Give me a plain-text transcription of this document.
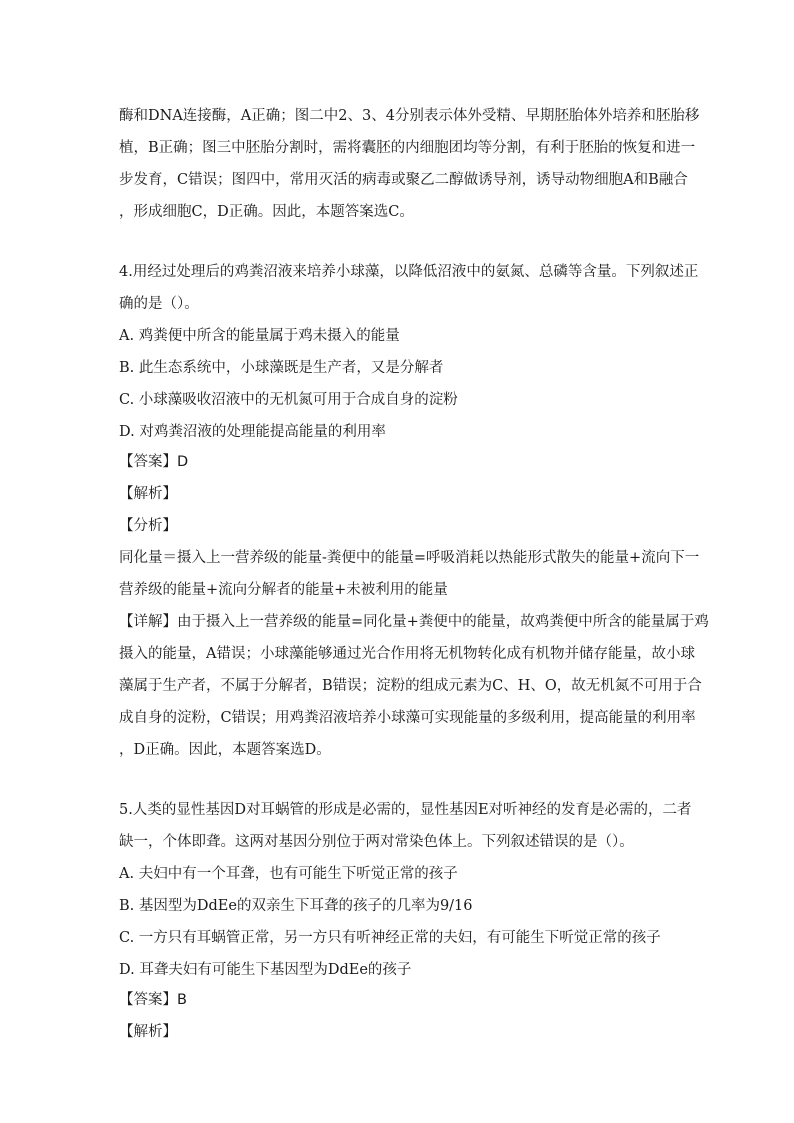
酶和DNA连接酶，A正确；图二中2、3、4分别表示体外受精、早期胚胎体外培养和胚胎移
植，B正确；图三中胚胎分割时，需将囊胚的内细胞团均等分割，有利于胚胎的恢复和进一
步发育，C错误；图四中，常用灭活的病毒或聚乙二醇做诱导剂，诱导动物细胞A和B融合
，形成细胞C，D正确。因此，本题答案选C。
4.用经过处理后的鸡粪沼液来培养小球藻，以降低沼液中的氨氮、总磷等含量。下列叙述正
确的是（）。
A. 鸡粪便中所含的能量属于鸡未摄入的能量
B. 此生态系统中，小球藻既是生产者，又是分解者
C. 小球藻吸收沼液中的无机氮可用于合成自身的淀粉
D. 对鸡粪沼液的处理能提高能量的利用率
【答案】D
【解析】
【分析】
同化量＝摄入上一营养级的能量-粪便中的能量=呼吸消耗以热能形式散失的能量+流向下一
营养级的能量+流向分解者的能量+未被利用的能量
【详解】由于摄入上一营养级的能量=同化量+粪便中的能量，故鸡粪便中所含的能量属于鸡
摄入的能量，A错误；小球藻能够通过光合作用将无机物转化成有机物并储存能量，故小球
藻属于生产者，不属于分解者，B错误；淀粉的组成元素为C、H、O，故无机氮不可用于合
成自身的淀粉，C错误；用鸡粪沼液培养小球藻可实现能量的多级利用，提高能量的利用率
，D正确。因此，本题答案选D。
5.人类的显性基因D对耳蜗管的形成是必需的，显性基因E对听神经的发育是必需的，二者
缺一，个体即聋。这两对基因分别位于两对常染色体上。下列叙述错误的是（）。
A. 夫妇中有一个耳聋，也有可能生下听觉正常的孩子
B. 基因型为DdEe的双亲生下耳聋的孩子的几率为9/16
C. 一方只有耳蜗管正常，另一方只有听神经正常的夫妇，有可能生下听觉正常的孩子
D. 耳聋夫妇有可能生下基因型为DdEe的孩子
【答案】B
【解析】
